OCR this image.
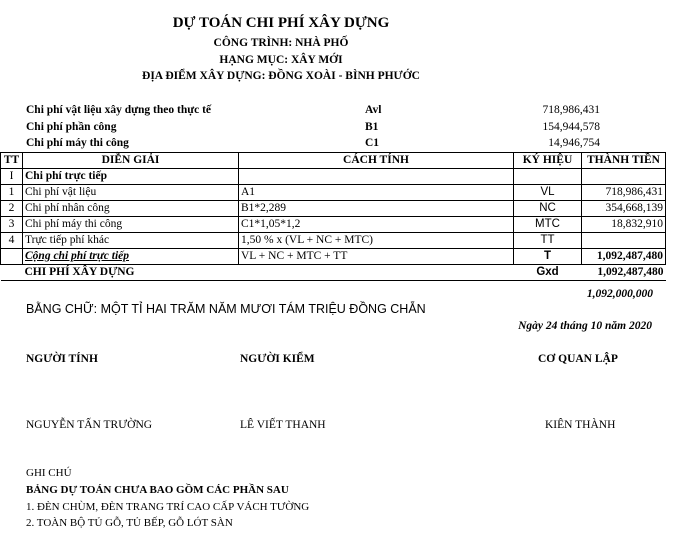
DỰ TOÁN CHI PHÍ XÂY DỰNG
CÔNG TRÌNH: NHÀ PHỐ
HẠNG MỤC: XÂY MỚI
ĐỊA ĐIỂM XÂY DỰNG: ĐỒNG XOÀI - BÌNH PHƯỚC
Chi phí vật liệu xây dựng theo thực tế	Avl	718,986,431
Chi phí phần công	B1	154,944,578
Chi phí máy thi công	C1	14,946,754
TT	DIỄN GIẢI	CÁCH TÍNH	KÝ HIỆU	THÀNH TIỀN
I	Chi phí trực tiếp			
1	Chi phí vật liệu	A1	VL	718,986,431
2	Chi phí nhân công	B1*2,289	NC	354,668,139
3	Chi phí máy thi công	C1*1,05*1,2	MTC	18,832,910
4	Trực tiếp phí khác	1,50 % x (VL + NC + MTC)	TT	
	Cộng chi phí trực tiếp	VL + NC + MTC + TT	T	1,092,487,480
	CHI PHÍ XÂY DỰNG		Gxd	1,092,487,480
1,092,000,000
BẰNG CHỮ: MỘT TỈ HAI TRĂM NĂM MƯƠI TÁM TRIỆU ĐỒNG CHẴN
Ngày 24 tháng 10 năm 2020
NGƯỜI TÍNH	NGƯỜI KIỂM	CƠ QUAN LẬP
NGUYỄN TẤN TRƯỜNG	LÊ VIẾT THANH	KIÊN THÀNH
GHI CHÚ
BẢNG DỰ TOÁN CHƯA BAO GỒM CÁC PHẦN SAU
1. ĐÈN CHÙM, ĐÈN TRANG TRÍ CAO CẤP VÁCH TƯỜNG
2. TOÀN BỘ TỦ GỖ, TỦ BẾP, GỖ LÓT SÀN
